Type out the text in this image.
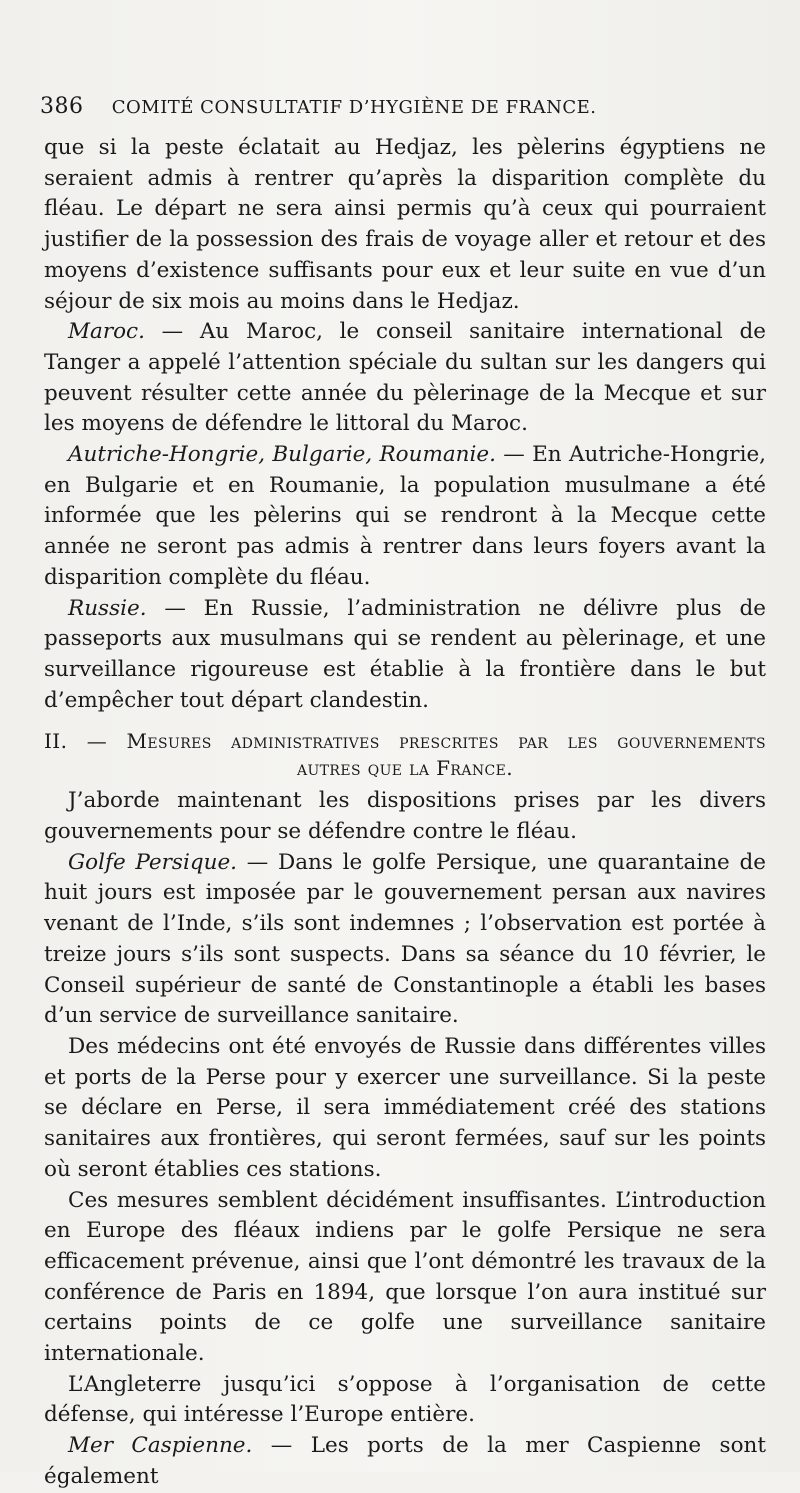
386 COMITÉ CONSULTATIF D’HYGIÈNE DE FRANCE.

que si la peste éclatait au Hedjaz, les pèlerins égyptiens ne seraient admis à rentrer qu’après la disparition complète du fléau. Le départ ne sera ainsi permis qu’à ceux qui pourraient justifier de la possession des frais de voyage aller et retour et des moyens d’existence suffisants pour eux et leur suite en vue d’un séjour de six mois au moins dans le Hedjaz.

Maroc. — Au Maroc, le conseil sanitaire international de Tanger a appelé l’attention spéciale du sultan sur les dangers qui peuvent résulter cette année du pèlerinage de la Mecque et sur les moyens de défendre le littoral du Maroc.

Autriche-Hongrie, Bulgarie, Roumanie. — En Autriche-Hongrie, en Bulgarie et en Roumanie, la population musulmane a été informée que les pèlerins qui se rendront à la Mecque cette année ne seront pas admis à rentrer dans leurs foyers avant la disparition complète du fléau.

Russie. — En Russie, l’administration ne délivre plus de passeports aux musulmans qui se rendent au pèlerinage, et une surveillance rigoureuse est établie à la frontière dans le but d’empêcher tout départ clandestin.

II. — Mesures administratives prescrites par les gouvernements
autres que la France.

J’aborde maintenant les dispositions prises par les divers gouvernements pour se défendre contre le fléau.

Golfe Persique. — Dans le golfe Persique, une quarantaine de huit jours est imposée par le gouvernement persan aux navires venant de l’Inde, s’ils sont indemnes ; l’observation est portée à treize jours s’ils sont suspects. Dans sa séance du 10 février, le Conseil supérieur de santé de Constantinople a établi les bases d’un service de surveillance sanitaire.

Des médecins ont été envoyés de Russie dans différentes villes et ports de la Perse pour y exercer une surveillance. Si la peste se déclare en Perse, il sera immédiatement créé des stations sanitaires aux frontières, qui seront fermées, sauf sur les points où seront établies ces stations.

Ces mesures semblent décidément insuffisantes. L’introduction en Europe des fléaux indiens par le golfe Persique ne sera efficacement prévenue, ainsi que l’ont démontré les travaux de la conférence de Paris en 1894, que lorsque l’on aura institué sur certains points de ce golfe une surveillance sanitaire internationale.

L’Angleterre jusqu’ici s’oppose à l’organisation de cette défense, qui intéresse l’Europe entière.

Mer Caspienne. — Les ports de la mer Caspienne sont également
